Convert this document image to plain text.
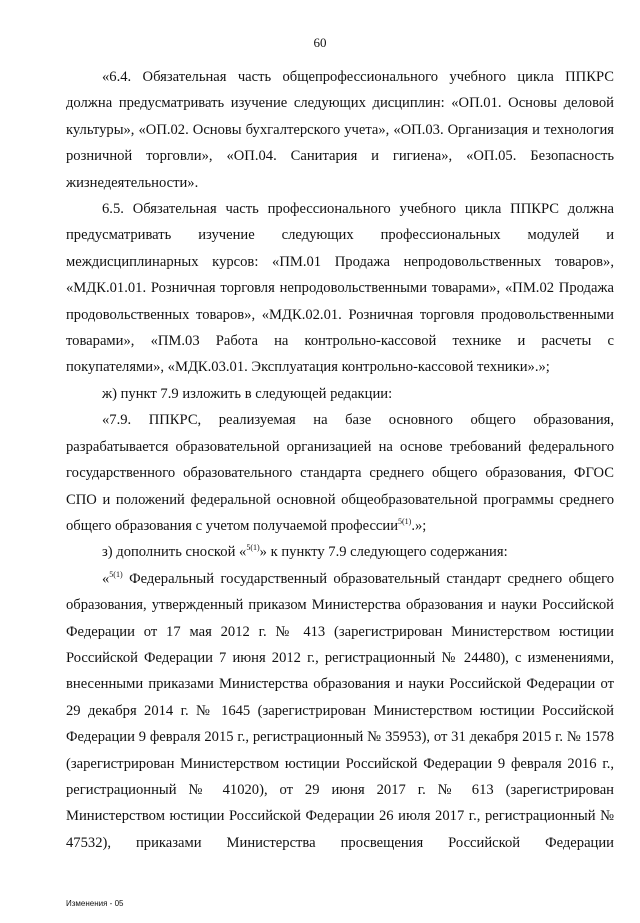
60

«6.4. Обязательная часть общепрофессионального учебного цикла ППКРС должна предусматривать изучение следующих дисциплин: «ОП.01. Основы деловой культуры», «ОП.02. Основы бухгалтерского учета», «ОП.03. Организация и технология розничной торговли», «ОП.04. Санитария и гигиена», «ОП.05. Безопасность жизнедеятельности».

6.5. Обязательная часть профессионального учебного цикла ППКРС должна предусматривать изучение следующих профессиональных модулей и междисциплинарных курсов: «ПМ.01 Продажа непродовольственных товаров», «МДК.01.01. Розничная торговля непродовольственными товарами», «ПМ.02 Продажа продовольственных товаров», «МДК.02.01. Розничная торговля продовольственными товарами», «ПМ.03 Работа на контрольно-кассовой технике и расчеты с покупателями», «МДК.03.01. Эксплуатация контрольно-кассовой техники».»;

ж) пункт 7.9 изложить в следующей редакции:

«7.9. ППКРС, реализуемая на базе основного общего образования, разрабатывается образовательной организацией на основе требований федерального государственного образовательного стандарта среднего общего образования, ФГОС СПО и положений федеральной основной общеобразовательной программы среднего общего образования с учетом получаемой профессии$^{5(1)}$.»;

з) дополнить сноской «$^{5(1)}$» к пункту 7.9 следующего содержания:

«$^{5(1)}$ Федеральный государственный образовательный стандарт среднего общего образования, утвержденный приказом Министерства образования и науки Российской Федерации от 17 мая 2012 г. № 413 (зарегистрирован Министерством юстиции Российской Федерации 7 июня 2012 г., регистрационный № 24480), с изменениями, внесенными приказами Министерства образования и науки Российской Федерации от 29 декабря 2014 г. № 1645 (зарегистрирован Министерством юстиции Российской Федерации 9 февраля 2015 г., регистрационный № 35953), от 31 декабря 2015 г. № 1578 (зарегистрирован Министерством юстиции Российской Федерации 9 февраля 2016 г., регистрационный № 41020), от 29 июня 2017 г. № 613 (зарегистрирован Министерством юстиции Российской Федерации 26 июля 2017 г., регистрационный № 47532), приказами Министерства просвещения Российской Федерации

Изменения - 05
